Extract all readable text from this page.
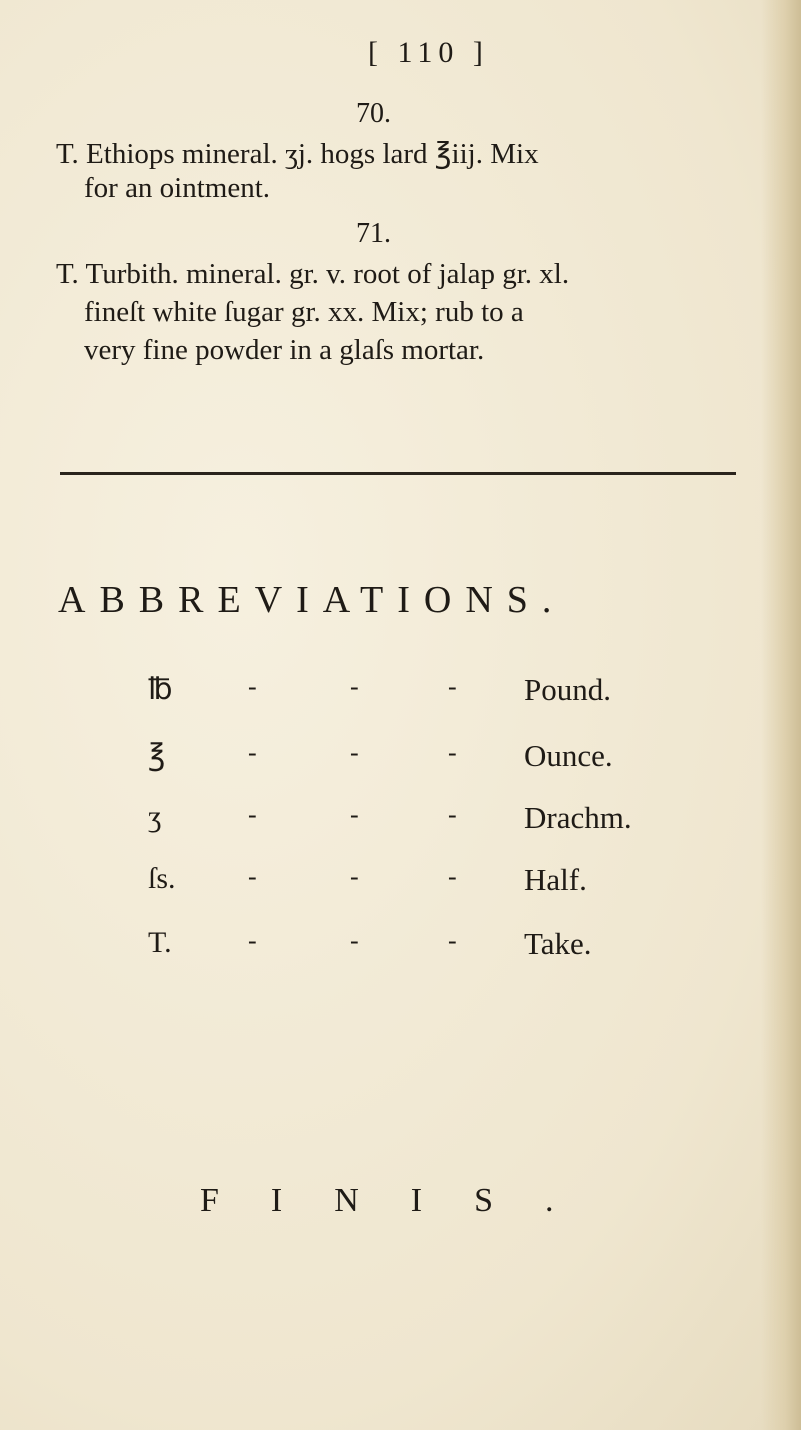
[ 110 ]
70.
T. Ethiops mineral. ʒj. hogs lard ℥iij. Mix
for an ointment.
71.
T. Turbith. mineral. gr. v. root of jalap gr. xl.
fineſt white ſugar gr. xx. Mix; rub to a
very fine powder in a glaſs mortar.
ABBREVIATIONS.
℔	-	-	- Pound.
℥	-	-	- Ounce.
ʒ	-	-	- Drachm.
ſs.	-	-	- Half.
T.	-	-	- Take.
FINIS.
